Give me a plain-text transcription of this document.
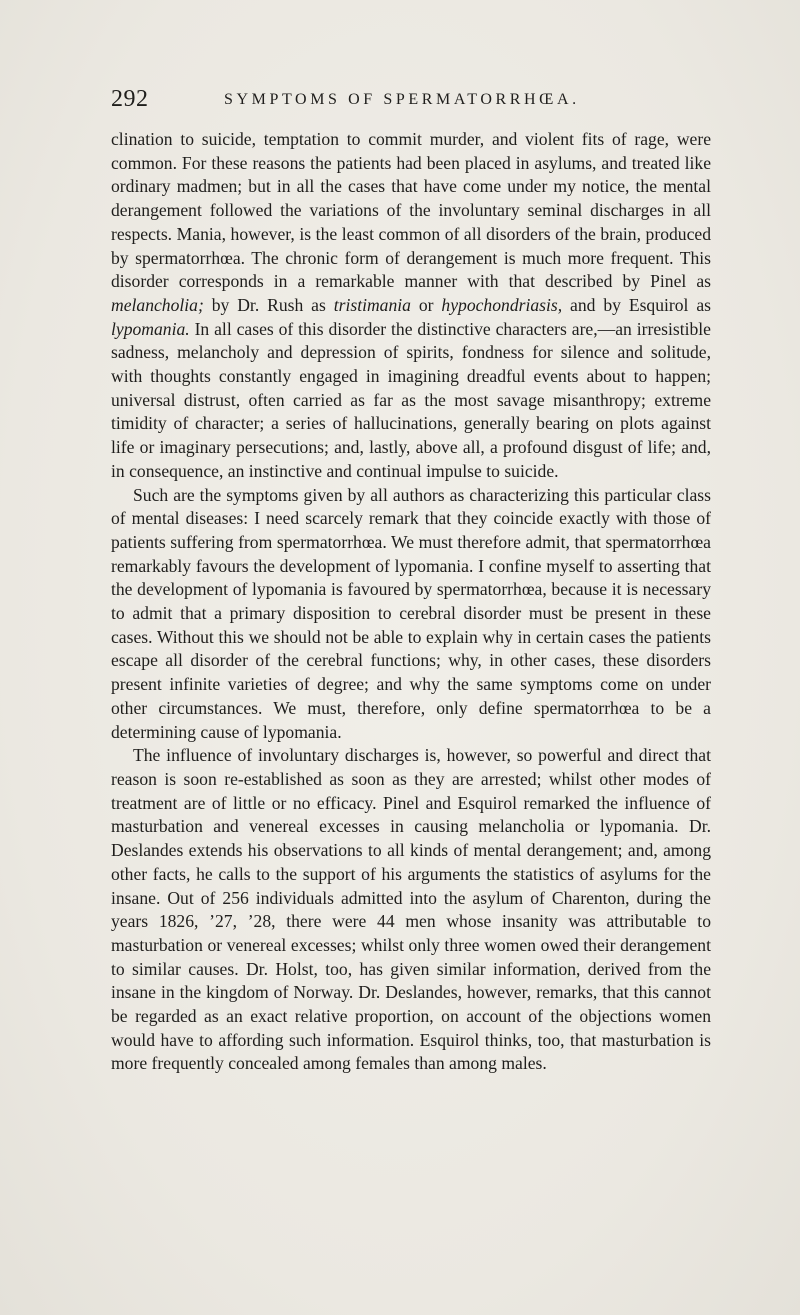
292	SYMPTOMS OF SPERMATORRHŒA.

clination to suicide, temptation to commit murder, and violent fits of rage, were common. For these reasons the patients had been placed in asylums, and treated like ordinary madmen; but in all the cases that have come under my notice, the mental derangement followed the variations of the involuntary seminal discharges in all respects. Mania, however, is the least common of all disorders of the brain, produced by spermatorrhœa. The chronic form of derangement is much more frequent. This disorder corresponds in a remarkable manner with that described by Pinel as melancholia; by Dr. Rush as tristimania or hypochondriasis, and by Esquirol as lypomania. In all cases of this disorder the distinctive characters are,—an irresistible sadness, melancholy and depression of spirits, fondness for silence and solitude, with thoughts constantly engaged in imagining dreadful events about to happen; universal distrust, often carried as far as the most savage misanthropy; extreme timidity of character; a series of hallucinations, generally bearing on plots against life or imaginary persecutions; and, lastly, above all, a profound disgust of life; and, in consequence, an instinctive and continual impulse to suicide.

Such are the symptoms given by all authors as characterizing this particular class of mental diseases: I need scarcely remark that they coincide exactly with those of patients suffering from spermatorrhœa. We must therefore admit, that spermatorrhœa remarkably favours the development of lypomania. I confine myself to asserting that the development of lypomania is favoured by spermatorrhœa, because it is necessary to admit that a primary disposition to cerebral disorder must be present in these cases. Without this we should not be able to explain why in certain cases the patients escape all disorder of the cerebral functions; why, in other cases, these disorders present infinite varieties of degree; and why the same symptoms come on under other circumstances. We must, therefore, only define spermatorrhœa to be a determining cause of lypomania.

The influence of involuntary discharges is, however, so powerful and direct that reason is soon re-established as soon as they are arrested; whilst other modes of treatment are of little or no efficacy. Pinel and Esquirol remarked the influence of masturbation and venereal excesses in causing melancholia or lypomania. Dr. Deslandes extends his observations to all kinds of mental derangement; and, among other facts, he calls to the support of his arguments the statistics of asylums for the insane. Out of 256 individuals admitted into the asylum of Charenton, during the years 1826, ’27, ’28, there were 44 men whose insanity was attributable to masturbation or venereal excesses; whilst only three women owed their derangement to similar causes. Dr. Holst, too, has given similar information, derived from the insane in the kingdom of Norway. Dr. Deslandes, however, remarks, that this cannot be regarded as an exact relative proportion, on account of the objections women would have to affording such information. Esquirol thinks, too, that masturbation is more frequently concealed among females than among males.
